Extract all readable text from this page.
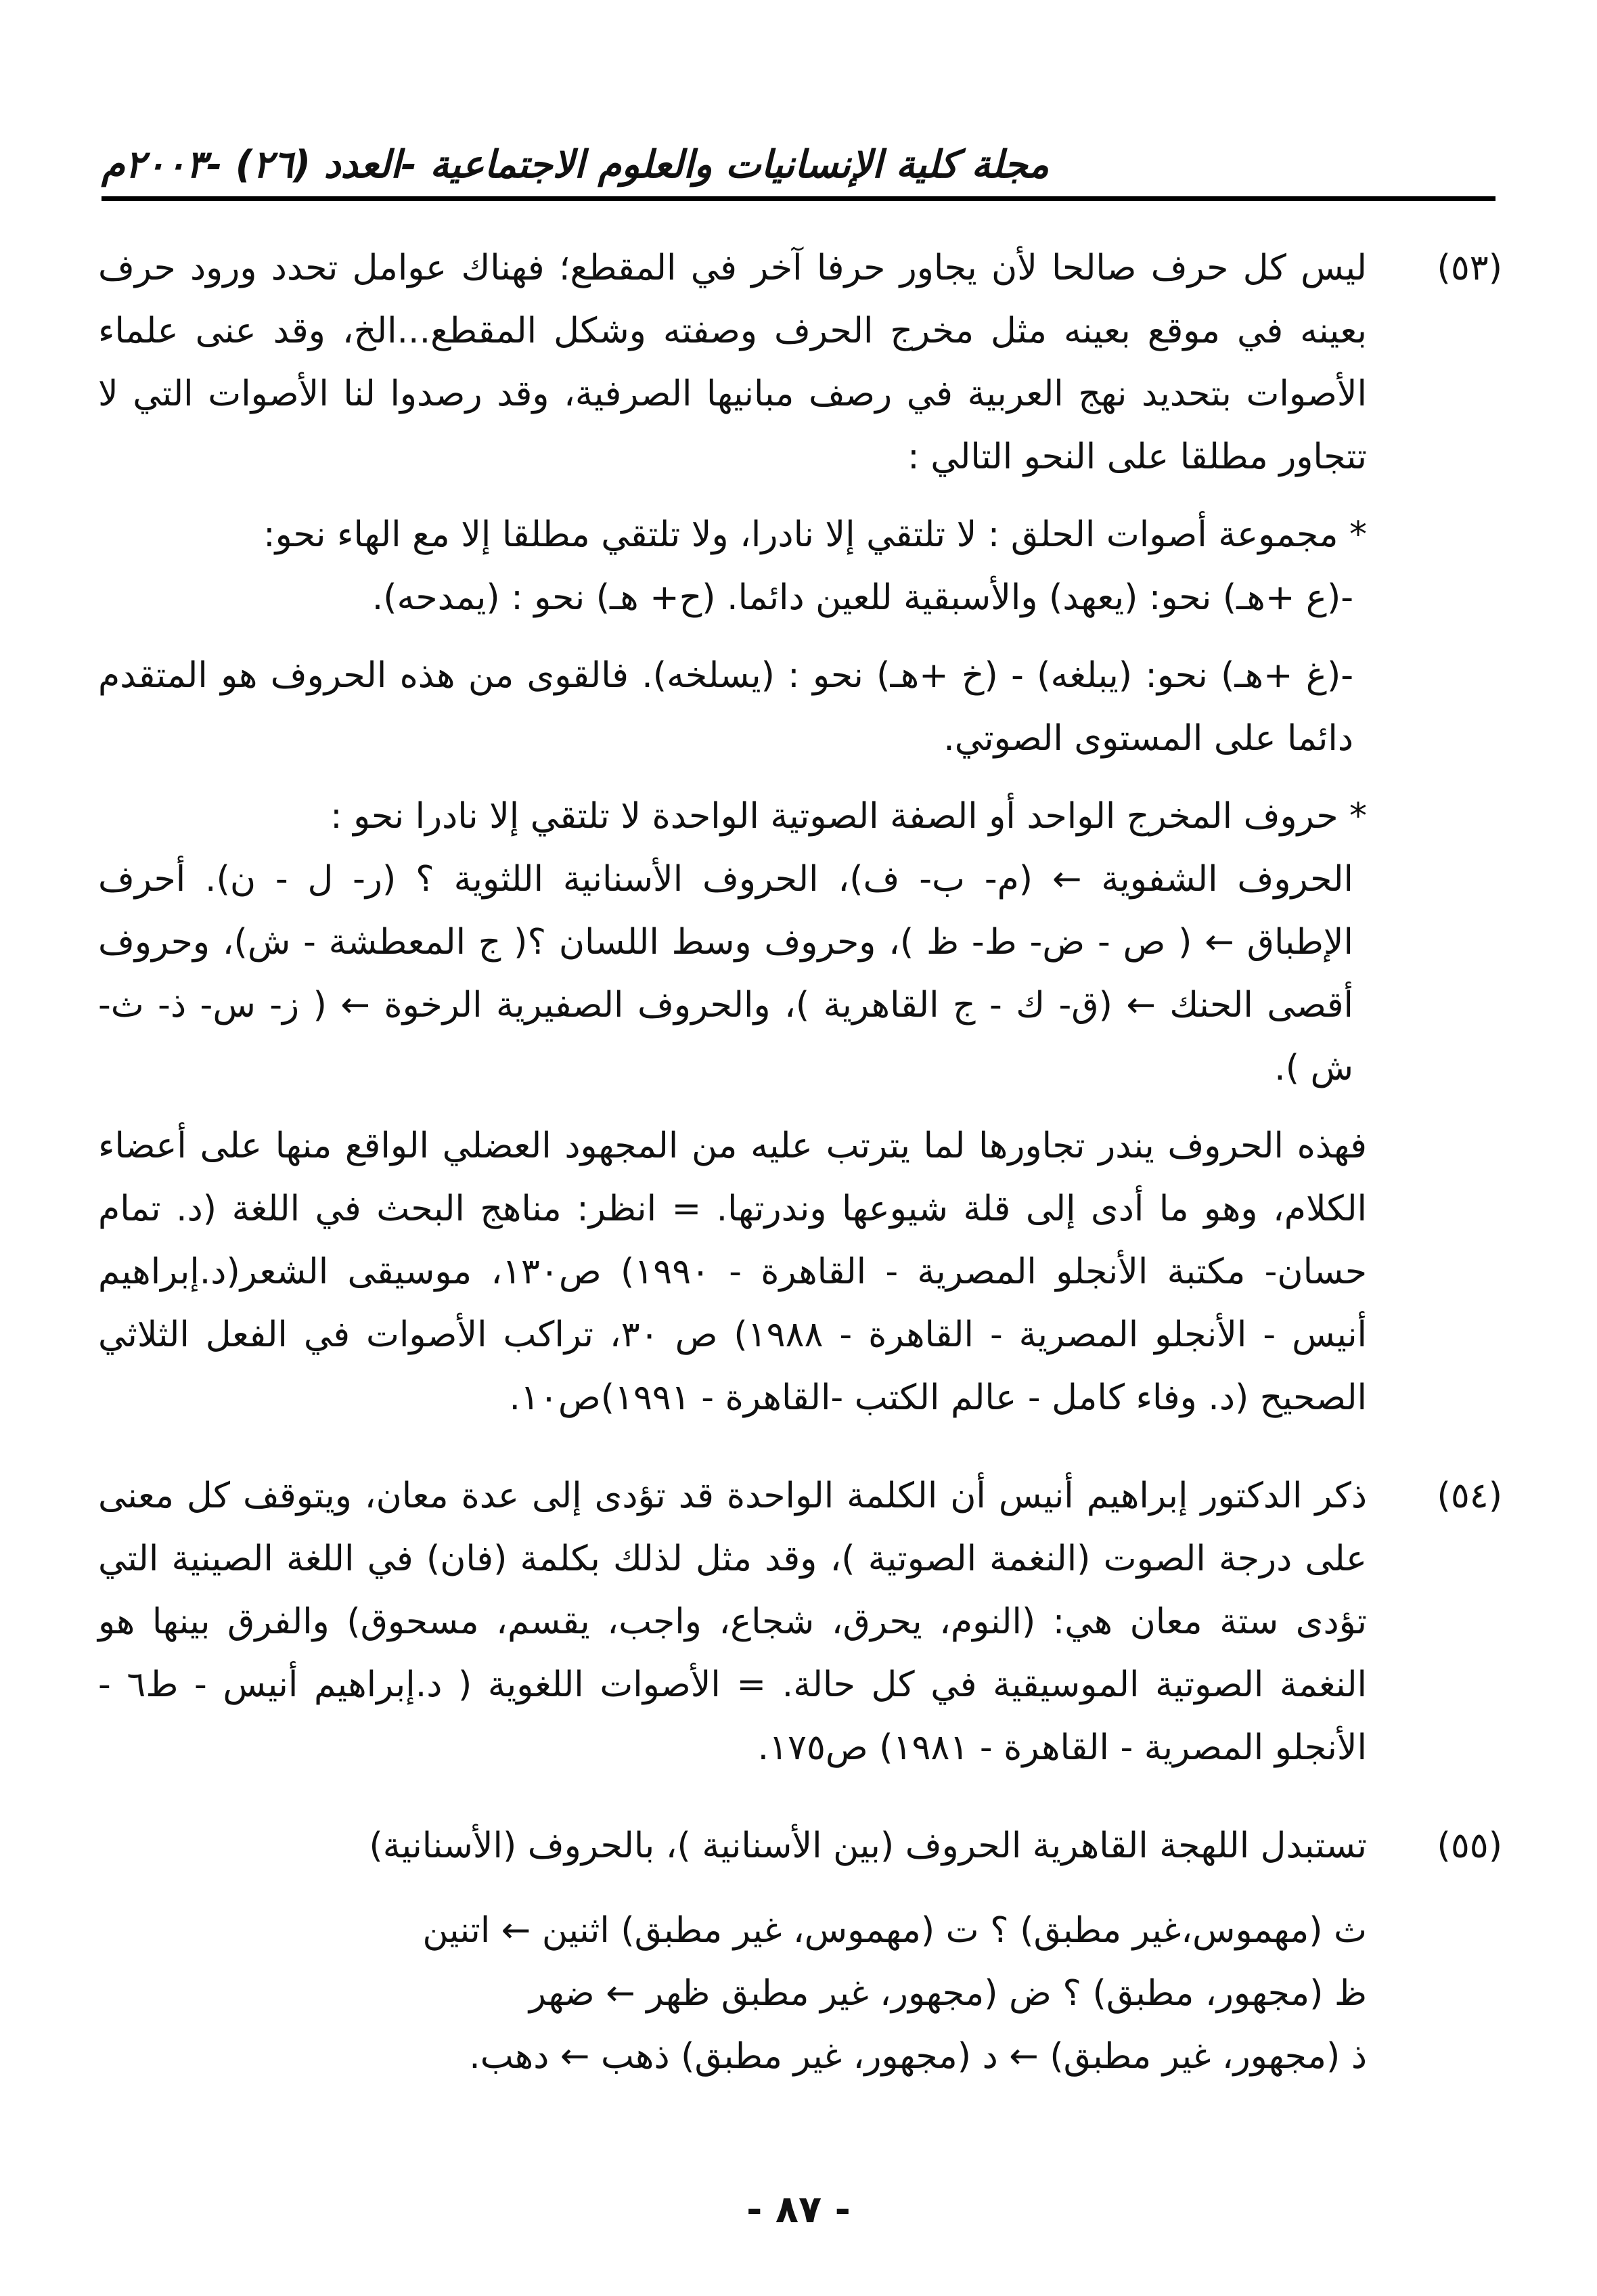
مجلة كلية الإنسانيات والعلوم الاجتماعية -العدد (٢٦) -٢٠٠٣م
(٥٣)

ليس كل حرف صالحا لأن يجاور حرفا آخر في المقطع؛ فهناك عوامل تحدد ورود حرف بعينه في موقع بعينه مثل مخرج الحرف وصفته وشكل المقطع...الخ، وقد عنى علماء الأصوات بتحديد نهج العربية في رصف مبانيها الصرفية، وقد رصدوا لنا الأصوات التي لا تتجاور مطلقا على النحو التالي :

* مجموعة أصوات الحلق : لا تلتقي إلا نادرا، ولا تلتقي مطلقا إلا مع الهاء نحو:

-(ع +هـ) نحو: (يعهد) والأسبقية للعين دائما. (ح+ هـ) نحو : (يمدحه).

-(غ +هـ) نحو: (يبلغه) - (خ +هـ) نحو : (يسلخه). فالقوى من هذه الحروف هو المتقدم دائما على المستوى الصوتي.

* حروف المخرج الواحد أو الصفة الصوتية الواحدة لا تلتقي إلا نادرا نحو :

الحروف الشفوية ← (م- ب- ف)، الحروف الأسنانية اللثوية ؟ (ر- ل - ن). أحرف الإطباق ← ( ص - ض- ط- ظ )، وحروف وسط اللسان ؟( ج المعطشة - ش)، وحروف أقصى الحنك ← (ق- ك - ج القاهرية )، والحروف الصفيرية الرخوة ← ( ز- س- ذ- ث- ش ).

فهذه الحروف يندر تجاورها لما يترتب عليه من المجهود العضلي الواقع منها على أعضاء الكلام، وهو ما أدى إلى قلة شيوعها وندرتها. = انظر: مناهج البحث في اللغة (د. تمام حسان- مكتبة الأنجلو المصرية - القاهرة - ١٩٩٠) ص١٣٠، موسيقى الشعر(د.إبراهيم أنيس - الأنجلو المصرية - القاهرة - ١٩٨٨) ص ٣٠، تراكب الأصوات في الفعل الثلاثي الصحيح (د. وفاء كامل - عالم الكتب -القاهرة - ١٩٩١)ص١٠.

(٥٤)

ذكر الدكتور إبراهيم أنيس أن الكلمة الواحدة قد تؤدى إلى عدة معان، ويتوقف كل معنى على درجة الصوت (النغمة الصوتية )، وقد مثل لذلك بكلمة (فان) في اللغة الصينية التي تؤدى ستة معان هي: (النوم، يحرق، شجاع، واجب، يقسم، مسحوق) والفرق بينها هو النغمة الصوتية الموسيقية في كل حالة. = الأصوات اللغوية ( د.إبراهيم أنيس - ط٦ - الأنجلو المصرية - القاهرة - ١٩٨١) ص١٧٥.

(٥٥)

تستبدل اللهجة القاهرية الحروف (بين الأسنانية )، بالحروف (الأسنانية)

ث (مهموس،غير مطبق) ؟ ت (مهموس، غير مطبق) اثنين ← اتنين
ظ (مجهور، مطبق) ؟ ض (مجهور، غير مطبق ظهر ← ضهر
ذ (مجهور، غير مطبق) ← د (مجهور، غير مطبق) ذهب ← دهب.
- ٨٧ -
